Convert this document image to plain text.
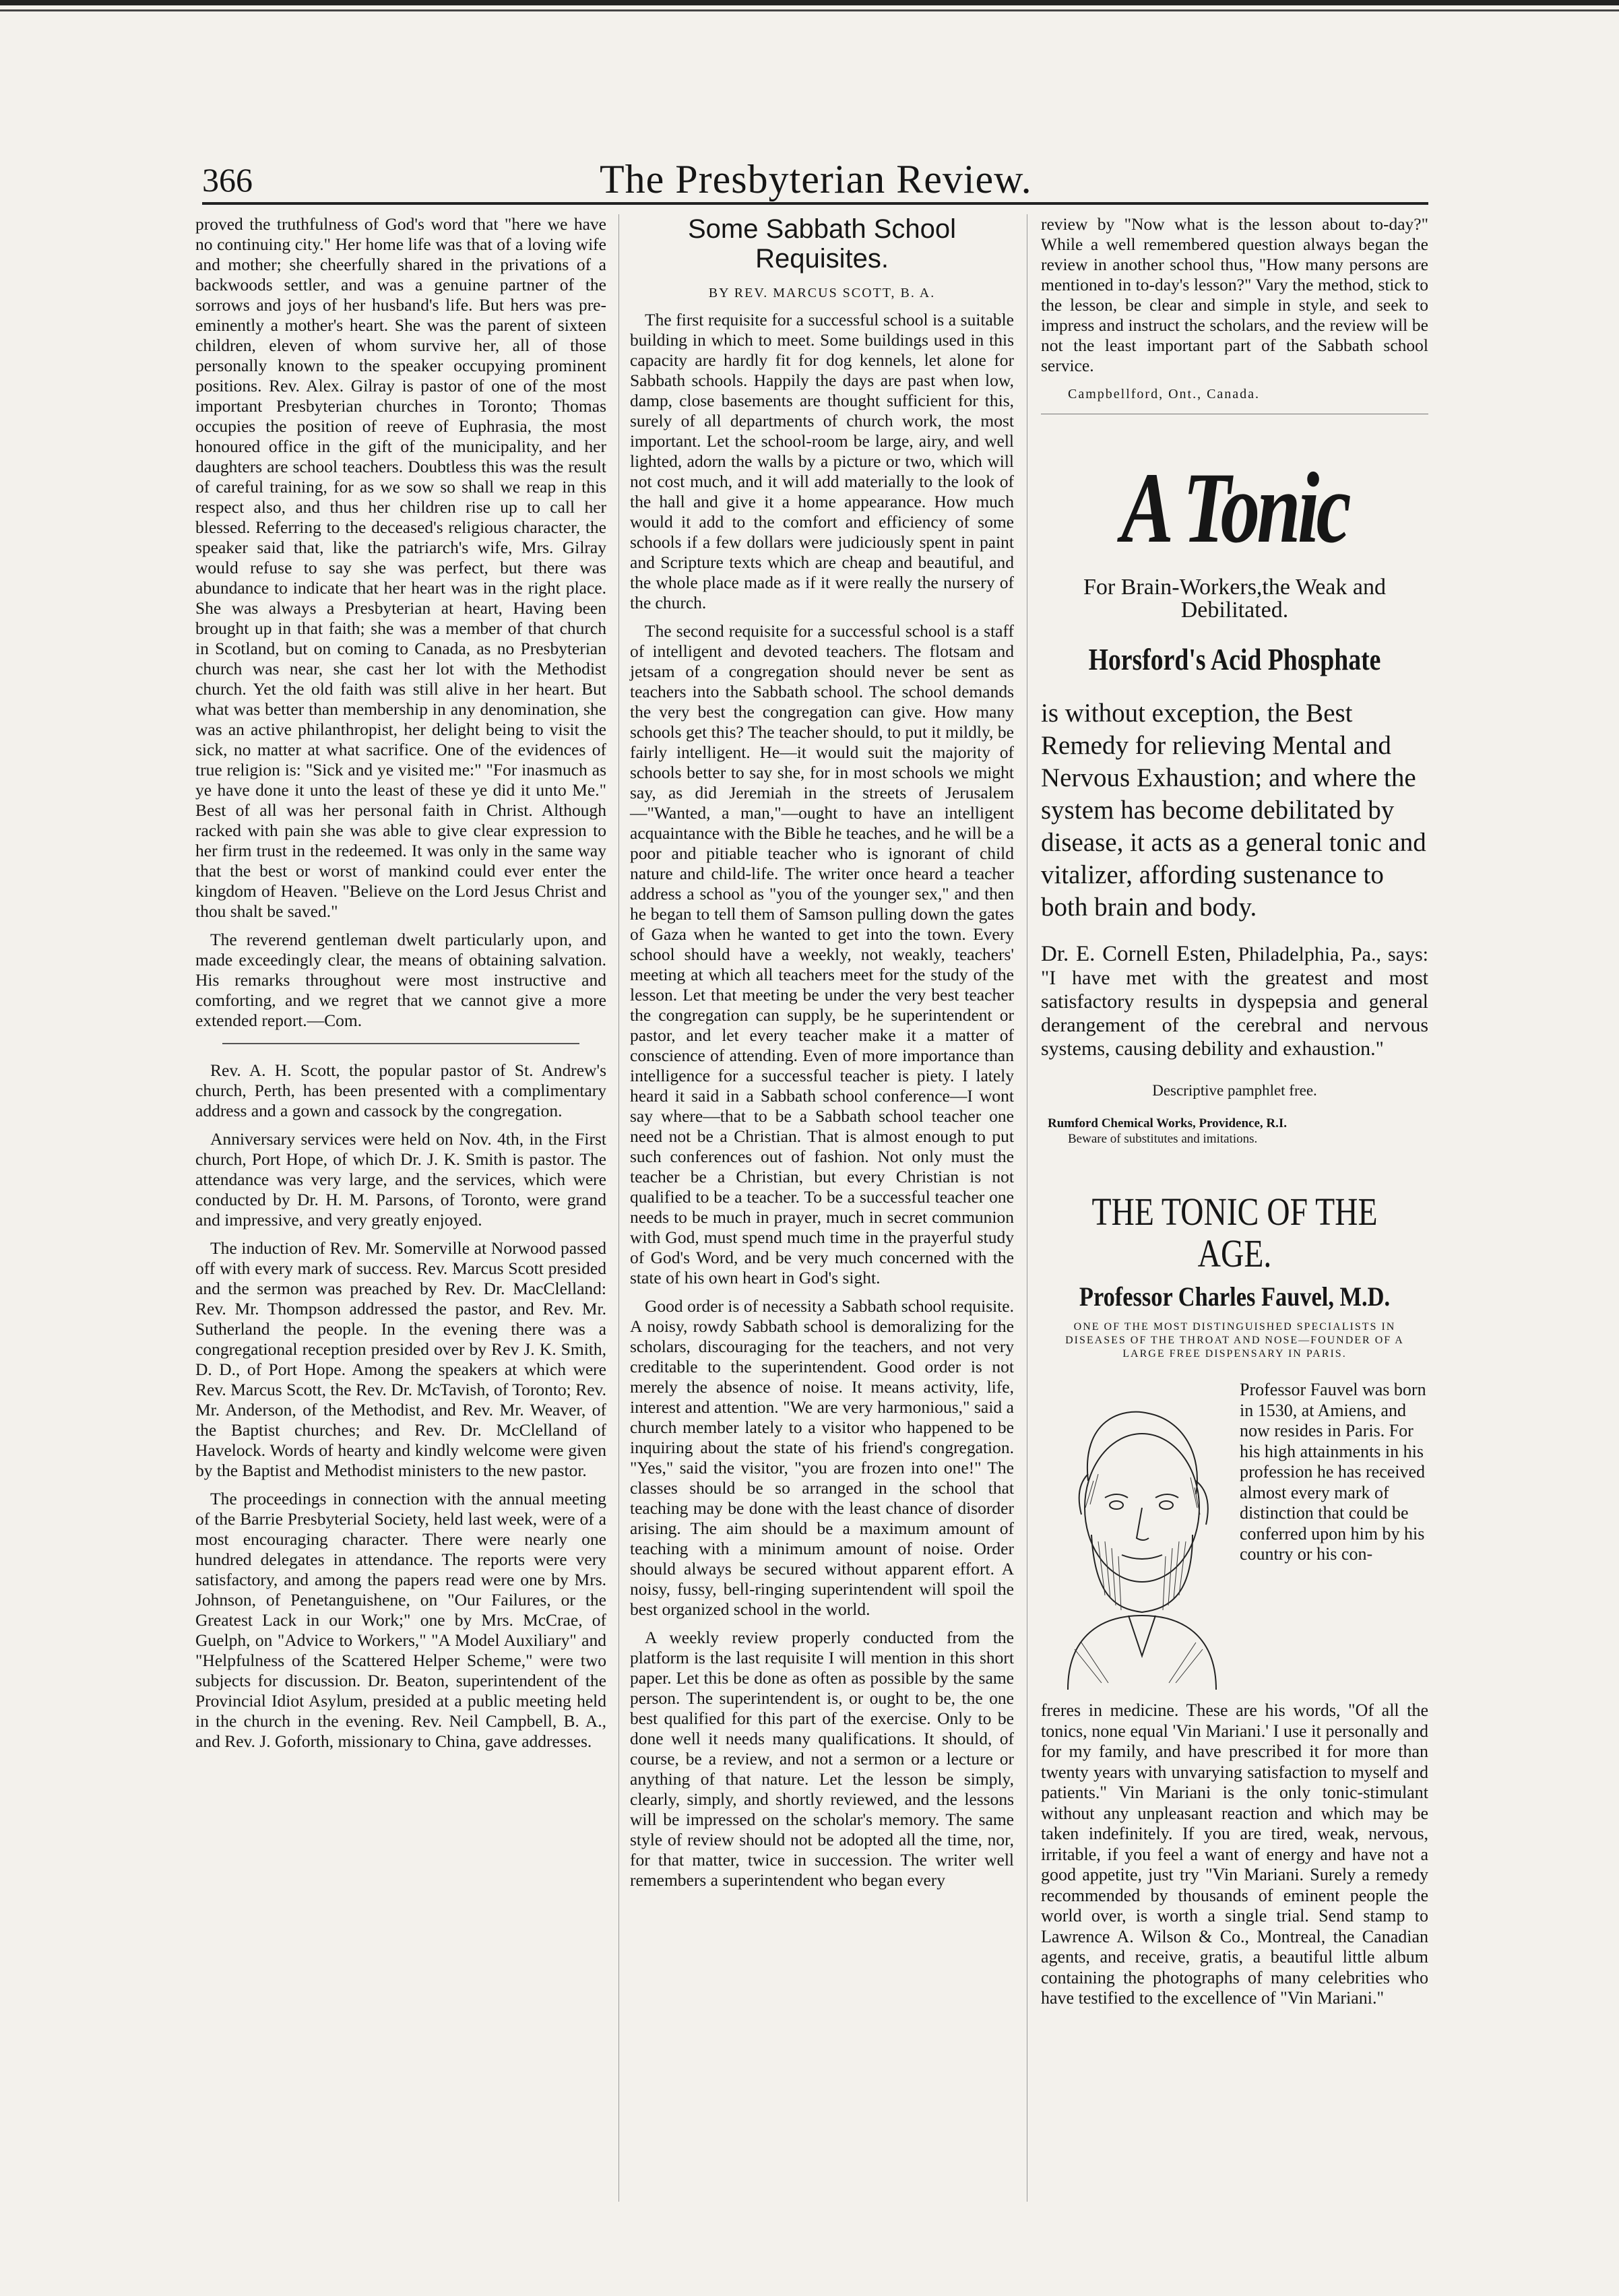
366	The Presbyterian Review.

proved the truthfulness of God's word that "here we have no continuing city." Her home life was that of a loving wife and mother; she cheerfully shared in the privations of a backwoods settler, and was a genuine partner of the sorrows and joys of her husband's life. But hers was pre-eminently a mother's heart. She was the parent of sixteen children, eleven of whom survive her, all of those personally known to the speaker occupying prominent positions. Rev. Alex. Gilray is pastor of one of the most important Presbyterian churches in Toronto; Thomas occupies the position of reeve of Euphrasia, the most honoured office in the gift of the municipality, and her daughters are school teachers. Doubtless this was the result of careful training, for as we sow so shall we reap in this respect also, and thus her children rise up to call her blessed. Referring to the deceased's religious character, the speaker said that, like the patriarch's wife, Mrs. Gilray would refuse to say she was perfect, but there was abundance to indicate that her heart was in the right place. She was always a Presbyterian at heart, Having been brought up in that faith; she was a member of that church in Scotland, but on coming to Canada, as no Presbyterian church was near, she cast her lot with the Methodist church. Yet the old faith was still alive in her heart. But what was better than membership in any denomination, she was an active philanthropist, her delight being to visit the sick, no matter at what sacrifice. One of the evidences of true religion is: "Sick and ye visited me:" "For inasmuch as ye have done it unto the least of these ye did it unto Me." Best of all was her personal faith in Christ. Although racked with pain she was able to give clear expression to her firm trust in the redeemed. It was only in the same way that the best or worst of mankind could ever enter the kingdom of Heaven. "Believe on the Lord Jesus Christ and thou shalt be saved."

The reverend gentleman dwelt particularly upon, and made exceedingly clear, the means of obtaining salvation. His remarks throughout were most instructive and comforting, and we regret that we cannot give a more extended report.—Com.

Rev. A. H. Scott, the popular pastor of St. Andrew's church, Perth, has been presented with a complimentary address and a gown and cassock by the congregation.

Anniversary services were held on Nov. 4th, in the First church, Port Hope, of which Dr. J. K. Smith is pastor. The attendance was very large, and the services, which were conducted by Dr. H. M. Parsons, of Toronto, were grand and impressive, and very greatly enjoyed.

The induction of Rev. Mr. Somerville at Norwood passed off with every mark of success. Rev. Marcus Scott presided and the sermon was preached by Rev. Dr. MacClelland: Rev. Mr. Thompson addressed the pastor, and Rev. Mr. Sutherland the people. In the evening there was a congregational reception presided over by Rev J. K. Smith, D. D., of Port Hope. Among the speakers at which were Rev. Marcus Scott, the Rev. Dr. McTavish, of Toronto; Rev. Mr. Anderson, of the Methodist, and Rev. Mr. Weaver, of the Baptist churches; and Rev. Dr. McClelland of Havelock. Words of hearty and kindly welcome were given by the Baptist and Methodist ministers to the new pastor.

The proceedings in connection with the annual meeting of the Barrie Presbyterial Society, held last week, were of a most encouraging character. There were nearly one hundred delegates in attendance. The reports were very satisfactory, and among the papers read were one by Mrs. Johnson, of Penetanguishene, on "Our Failures, or the Greatest Lack in our Work;" one by Mrs. McCrae, of Guelph, on "Advice to Workers," "A Model Auxiliary" and "Helpfulness of the Scattered Helper Scheme," were two subjects for discussion. Dr. Beaton, superintendent of the Provincial Idiot Asylum, presided at a public meeting held in the church in the evening. Rev. Neil Campbell, B. A., and Rev. J. Goforth, missionary to China, gave addresses.

Some Sabbath School Requisites.
BY REV. MARCUS SCOTT, B. A.

The first requisite for a successful school is a suitable building in which to meet. Some buildings used in this capacity are hardly fit for dog kennels, let alone for Sabbath schools. Happily the days are past when low, damp, close basements are thought sufficient for this, surely of all departments of church work, the most important. Let the school-room be large, airy, and well lighted, adorn the walls by a picture or two, which will not cost much, and it will add materially to the look of the hall and give it a home appearance. How much would it add to the comfort and efficiency of some schools if a few dollars were judiciously spent in paint and Scripture texts which are cheap and beautiful, and the whole place made as if it were really the nursery of the church.

The second requisite for a successful school is a staff of intelligent and devoted teachers. The flotsam and jetsam of a congregation should never be sent as teachers into the Sabbath school. The school demands the very best the congregation can give. How many schools get this? The teacher should, to put it mildly, be fairly intelligent. He—it would suit the majority of schools better to say she, for in most schools we might say, as did Jeremiah in the streets of Jerusalem—"Wanted, a man,"—ought to have an intelligent acquaintance with the Bible he teaches, and he will be a poor and pitiable teacher who is ignorant of child nature and child-life. The writer once heard a teacher address a school as "you of the younger sex," and then he began to tell them of Samson pulling down the gates of Gaza when he wanted to get into the town. Every school should have a weekly, not weakly, teachers' meeting at which all teachers meet for the study of the lesson. Let that meeting be under the very best teacher the congregation can supply, be he superintendent or pastor, and let every teacher make it a matter of conscience of attending. Even of more importance than intelligence for a successful teacher is piety. I lately heard it said in a Sabbath school conference—I wont say where—that to be a Sabbath school teacher one need not be a Christian. That is almost enough to put such conferences out of fashion. Not only must the teacher be a Christian, but every Christian is not qualified to be a teacher. To be a successful teacher one needs to be much in prayer, much in secret communion with God, must spend much time in the prayerful study of God's Word, and be very much concerned with the state of his own heart in God's sight.

Good order is of necessity a Sabbath school requisite. A noisy, rowdy Sabbath school is demoralizing for the scholars, discouraging for the teachers, and not very creditable to the superintendent. Good order is not merely the absence of noise. It means activity, life, interest and attention. "We are very harmonious," said a church member lately to a visitor who happened to be inquiring about the state of his friend's congregation. "Yes," said the visitor, "you are frozen into one!" The classes should be so arranged in the school that teaching may be done with the least chance of disorder arising. The aim should be a maximum amount of teaching with a minimum amount of noise. Order should always be secured without apparent effort. A noisy, fussy, bell-ringing superintendent will spoil the best organized school in the world.

A weekly review properly conducted from the platform is the last requisite I will mention in this short paper. Let this be done as often as possible by the same person. The superintendent is, or ought to be, the one best qualified for this part of the exercise. Only to be done well it needs many qualifications. It should, of course, be a review, and not a sermon or a lecture or anything of that nature. Let the lesson be simply, clearly, simply, and shortly reviewed, and the lessons will be impressed on the scholar's memory. The same style of review should not be adopted all the time, nor, for that matter, twice in succession. The writer well remembers a superintendent who began every

review by "Now what is the lesson about to-day?" While a well remembered question always began the review in another school thus, "How many persons are mentioned in to-day's lesson?" Vary the method, stick to the lesson, be clear and simple in style, and seek to impress and instruct the scholars, and the review will be not the least important part of the Sabbath school service.

Campbellford, Ont., Canada.
A Tonic
For Brain-Workers,the Weak and Debilitated.
Horsford's Acid Phosphate
is without exception, the Best Remedy for relieving Mental and Nervous Exhaustion; and where the system has become debilitated by disease, it acts as a general tonic and vitalizer, affording sustenance to both brain and body.
Dr. E. Cornell Esten, Philadelphia, Pa., says: "I have met with the greatest and most satisfactory results in dyspepsia and general derangement of the cerebral and nervous systems, causing debility and exhaustion."
Descriptive pamphlet free.
Rumford Chemical Works, Providence, R.I.
Beware of substitutes and imitations.
THE TONIC OF THE AGE.
Professor Charles Fauvel, M.D.
ONE OF THE MOST DISTINGUISHED SPECIALISTS IN DISEASES OF THE THROAT AND NOSE—FOUNDER OF A LARGE FREE DISPENSARY IN PARIS.
Professor Fauvel was born in 1530, at Amiens, and now resides in Paris. For his high attainments in his profession he has received almost every mark of distinction that could be conferred upon him by his country or his con-
freres in medicine. These are his words, "Of all the tonics, none equal 'Vin Mariani.' I use it personally and for my family, and have prescribed it for more than twenty years with unvarying satisfaction to myself and patients." Vin Mariani is the only tonic-stimulant without any unpleasant reaction and which may be taken indefinitely. If you are tired, weak, nervous, irritable, if you feel a want of energy and have not a good appetite, just try "Vin Mariani. Surely a remedy recommended by thousands of eminent people the world over, is worth a single trial. Send stamp to Lawrence A. Wilson & Co., Montreal, the Canadian agents, and receive, gratis, a beautiful little album containing the photographs of many celebrities who have testified to the excellence of "Vin Mariani."
